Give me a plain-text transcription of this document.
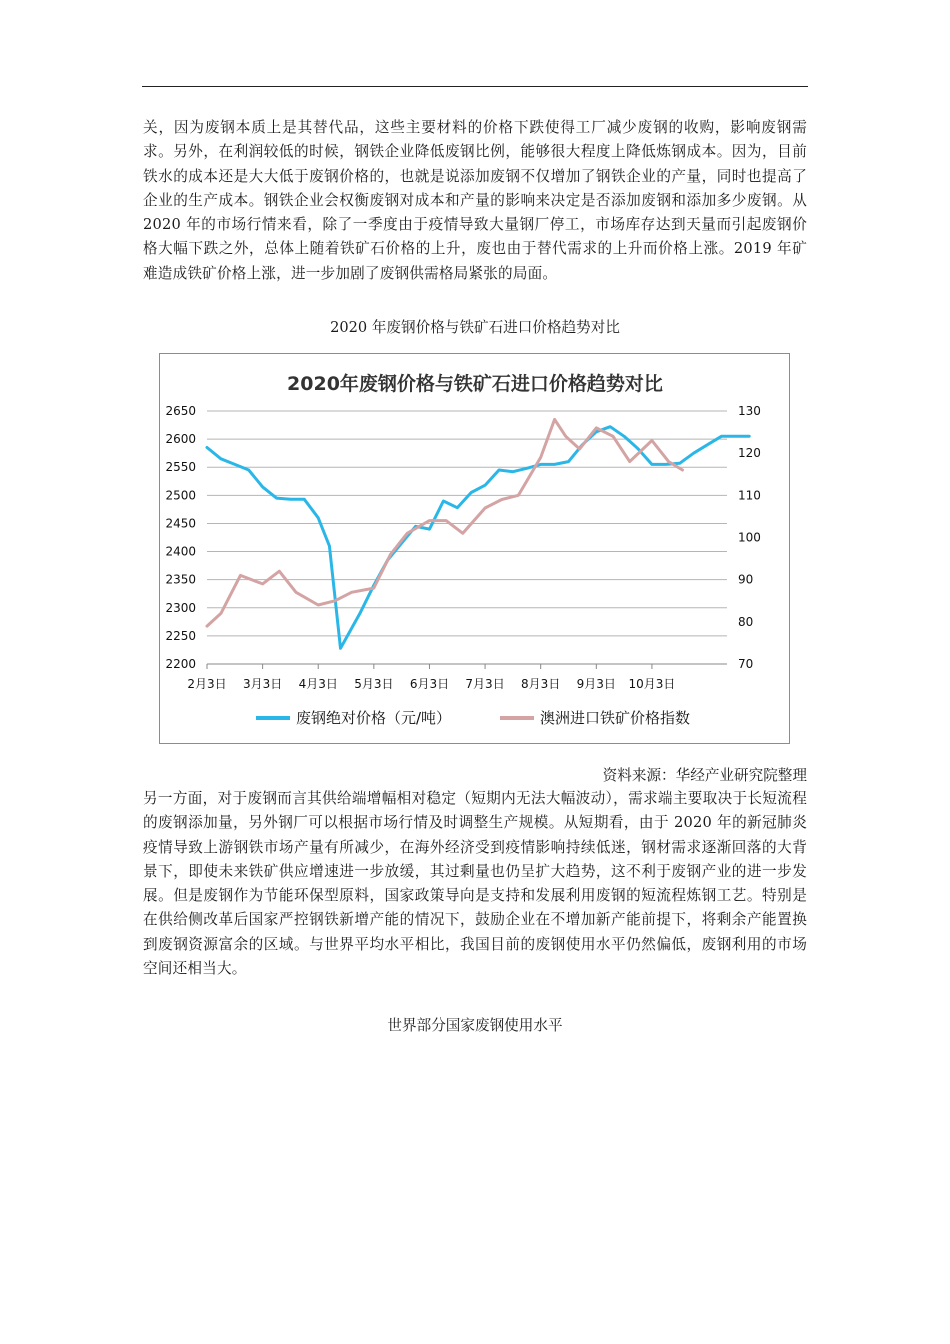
关，因为废钢本质上是其替代品，这些主要材料的价格下跌使得工厂减少废钢的收购，影响废钢需求。另外，在利润较低的时候，钢铁企业降低废钢比例，能够很大程度上降低炼钢成本。因为，目前铁水的成本还是大大低于废钢价格的，也就是说添加废钢不仅增加了钢铁企业的产量，同时也提高了企业的生产成本。钢铁企业会权衡废钢对成本和产量的影响来决定是否添加废钢和添加多少废钢。从 2020 年的市场行情来看，除了一季度由于疫情导致大量钢厂停工，市场库存达到天量而引起废钢价格大幅下跌之外，总体上随着铁矿石价格的上升，废也由于替代需求的上升而价格上涨。2019 年矿难造成铁矿价格上涨，进一步加剧了废钢供需格局紧张的局面。

2020 年废钢价格与铁矿石进口价格趋势对比

2020年废钢价格与铁矿石进口价格趋势对比
2200
2250
2300
2350
2400
2450
2500
2550
2600
2650
70
80
90
100
110
120
130
2月3日 3月3日 4月3日 5月3日 6月3日 7月3日 8月3日 9月3日 10月3日
废钢绝对价格（元/吨）	澳洲进口铁矿价格指数
资料来源：华经产业研究院整理

另一方面，对于废钢而言其供给端增幅相对稳定（短期内无法大幅波动），需求端主要取决于长短流程的废钢添加量，另外钢厂可以根据市场行情及时调整生产规模。从短期看，由于 2020 年的新冠肺炎疫情导致上游钢铁市场产量有所减少，在海外经济受到疫情影响持续低迷，钢材需求逐渐回落的大背景下，即使未来铁矿供应增速进一步放缓，其过剩量也仍呈扩大趋势，这不利于废钢产业的进一步发展。但是废钢作为节能环保型原料，国家政策导向是支持和发展利用废钢的短流程炼钢工艺。特别是在供给侧改革后国家严控钢铁新增产能的情况下，鼓励企业在不增加新产能前提下，将剩余产能置换到废钢资源富余的区域。与世界平均水平相比，我国目前的废钢使用水平仍然偏低，废钢利用的市场空间还相当大。

世界部分国家废钢使用水平
